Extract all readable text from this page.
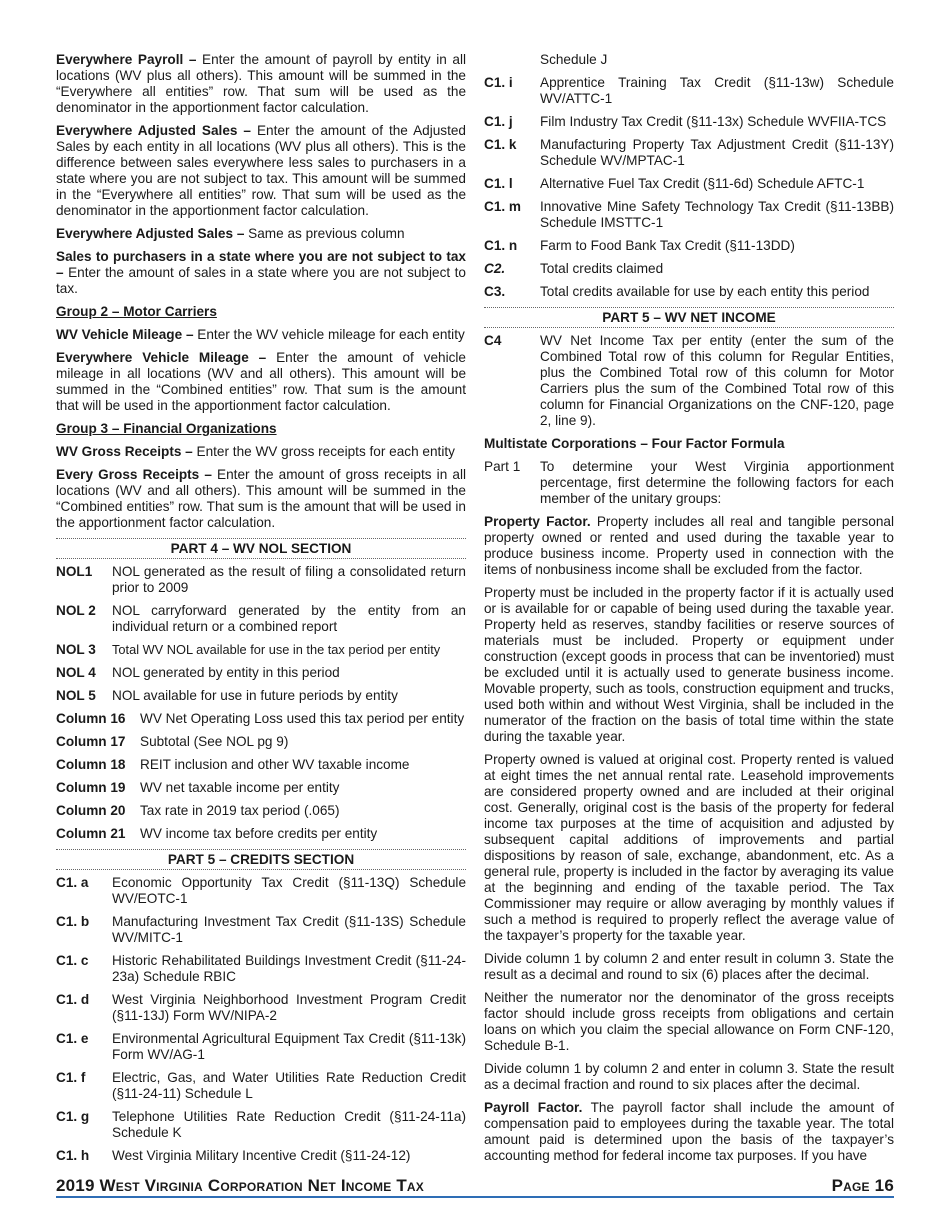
Everywhere Payroll – Enter the amount of payroll by entity in all locations (WV plus all others). This amount will be summed in the “Everywhere all entities” row. That sum will be used as the denominator in the apportionment factor calculation.

Everywhere Adjusted Sales – Enter the amount of the Adjusted Sales by each entity in all locations (WV plus all others). This is the difference between sales everywhere less sales to purchasers in a state where you are not subject to tax. This amount will be summed in the “Everywhere all entities” row. That sum will be used as the denominator in the apportionment factor calculation.

Everywhere Adjusted Sales – Same as previous column

Sales to purchasers in a state where you are not subject to tax – Enter the amount of sales in a state where you are not subject to tax.

Group 2 – Motor Carriers

WV Vehicle Mileage – Enter the WV vehicle mileage for each entity

Everywhere Vehicle Mileage – Enter the amount of vehicle mileage in all locations (WV and all others). This amount will be summed in the “Combined entities” row. That sum is the amount that will be used in the apportionment factor calculation.

Group 3 – Financial Organizations

WV Gross Receipts – Enter the WV gross receipts for each entity

Every Gross Receipts – Enter the amount of gross receipts in all locations (WV and all others). This amount will be summed in the “Combined entities” row. That sum is the amount that will be used in the apportionment factor calculation.

PART 4 – WV NOL SECTION
NOL1	NOL generated as the result of filing a consolidated return prior to 2009
NOL 2	NOL carryforward generated by the entity from an individual return or a combined report
NOL 3	Total WV NOL available for use in the tax period per entity
NOL 4	NOL generated by entity in this period
NOL 5	NOL available for use in future periods by entity
Column 16	WV Net Operating Loss used this tax period per entity
Column 17	Subtotal (See NOL pg 9)
Column 18	REIT inclusion and other WV taxable income
Column 19	WV net taxable income per entity
Column 20	Tax rate in 2019 tax period (.065)
Column 21	WV income tax before credits per entity
PART 5 – CREDITS SECTION
C1. a	Economic Opportunity Tax Credit (§11-13Q) Schedule WV/EOTC-1
C1. b	Manufacturing Investment Tax Credit (§11-13S) Schedule WV/MITC-1
C1. c	Historic Rehabilitated Buildings Investment Credit (§11-24-23a) Schedule RBIC
C1. d	West Virginia Neighborhood Investment Program Credit (§11-13J) Form WV/NIPA-2
C1. e	Environmental Agricultural Equipment Tax Credit (§11-13k) Form WV/AG-1
C1. f	Electric, Gas, and Water Utilities Rate Reduction Credit (§11-24-11) Schedule L
C1. g	Telephone Utilities Rate Reduction Credit (§11-24-11a) Schedule K
C1. h	West Virginia Military Incentive Credit (§11-24-12)
Schedule J
C1. i	Apprentice Training Tax Credit (§11-13w) Schedule WV/ATTC-1
C1. j	Film Industry Tax Credit (§11-13x) Schedule WVFIIA-TCS
C1. k	Manufacturing Property Tax Adjustment Credit (§11-13Y) Schedule WV/MPTAC-1
C1. l	Alternative Fuel Tax Credit (§11-6d) Schedule AFTC-1
C1. m	Innovative Mine Safety Technology Tax Credit (§11-13BB) Schedule IMSTTC-1
C1. n	Farm to Food Bank Tax Credit (§11-13DD)
C2.	Total credits claimed
C3.	Total credits available for use by each entity this period
PART 5 – WV NET INCOME
C4	WV Net Income Tax per entity (enter the sum of the Combined Total row of this column for Regular Entities, plus the Combined Total row of this column for Motor Carriers plus the sum of the Combined Total row of this column for Financial Organizations on the CNF-120, page 2, line 9).

Multistate Corporations – Four Factor Formula

Part 1	To determine your West Virginia apportionment percentage, first determine the following factors for each member of the unitary groups:

Property Factor. Property includes all real and tangible personal property owned or rented and used during the taxable year to produce business income. Property used in connection with the items of nonbusiness income shall be excluded from the factor.

Property must be included in the property factor if it is actually used or is available for or capable of being used during the taxable year. Property held as reserves, standby facilities or reserve sources of materials must be included. Property or equipment under construction (except goods in process that can be inventoried) must be excluded until it is actually used to generate business income. Movable property, such as tools, construction equipment and trucks, used both within and without West Virginia, shall be included in the numerator of the fraction on the basis of total time within the state during the taxable year.

Property owned is valued at original cost. Property rented is valued at eight times the net annual rental rate. Leasehold improvements are considered property owned and are included at their original cost. Generally, original cost is the basis of the property for federal income tax purposes at the time of acquisition and adjusted by subsequent capital additions of improvements and partial dispositions by reason of sale, exchange, abandonment, etc. As a general rule, property is included in the factor by averaging its value at the beginning and ending of the taxable period. The Tax Commissioner may require or allow averaging by monthly values if such a method is required to properly reflect the average value of the taxpayer’s property for the taxable year.

Divide column 1 by column 2 and enter result in column 3. State the result as a decimal and round to six (6) places after the decimal.

Neither the numerator nor the denominator of the gross receipts factor should include gross receipts from obligations and certain loans on which you claim the special allowance on Form CNF-120, Schedule B-1.

Divide column 1 by column 2 and enter in column 3. State the result as a decimal fraction and round to six places after the decimal.

Payroll Factor. The payroll factor shall include the amount of compensation paid to employees during the taxable year. The total amount paid is determined upon the basis of the taxpayer’s accounting method for federal income tax purposes. If you have

2019 West Virginia Corporation Net Income Tax	Page 16
